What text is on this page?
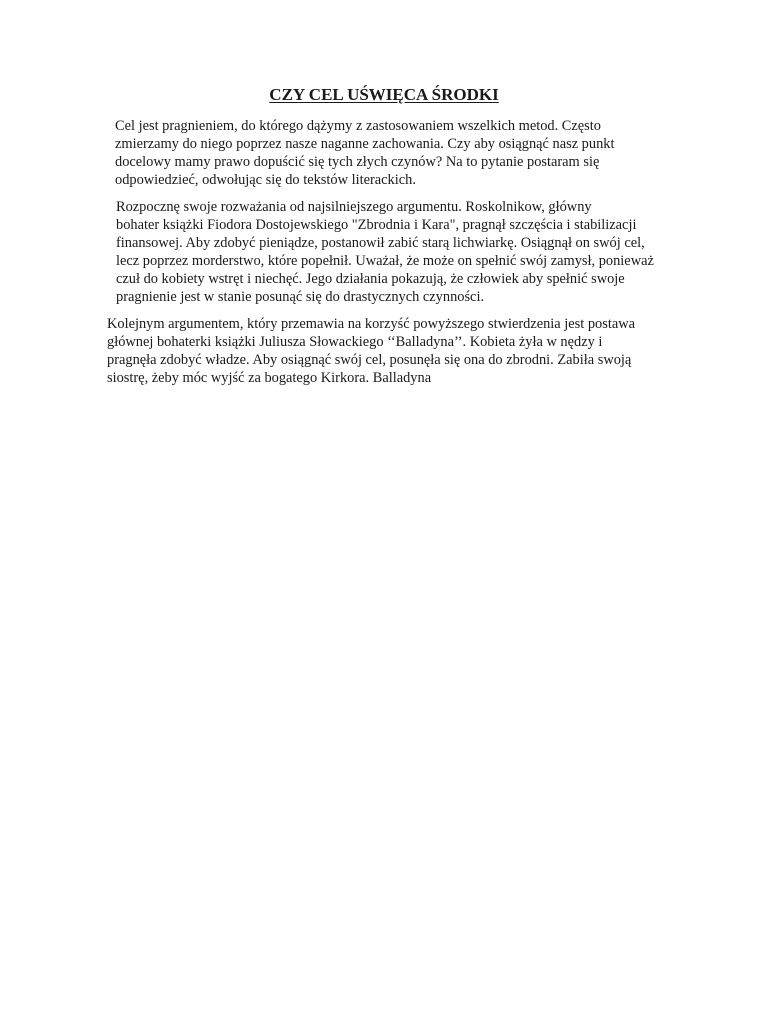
CZY CEL UŚWIĘCA ŚRODKI

Cel jest pragnieniem, do którego dążymy z zastosowaniem wszelkich metod. Często
zmierzamy do niego poprzez nasze naganne zachowania. Czy aby osiągnąć nasz punkt
docelowy mamy prawo dopuścić się tych złych czynów? Na to pytanie postaram się
odpowiedzieć, odwołując się do tekstów literackich.

Rozpocznę swoje rozważania od najsilniejszego argumentu. Roskolnikow, główny
bohater książki Fiodora Dostojewskiego "Zbrodnia i Kara", pragnął szczęścia i stabilizacji
finansowej. Aby zdobyć pieniądze, postanowił zabić starą lichwiarkę. Osiągnął on swój cel,
lecz poprzez morderstwo, które popełnił. Uważał, że może on spełnić swój zamysł, ponieważ
czuł do kobiety wstręt i niechęć. Jego działania pokazują, że człowiek aby spełnić swoje
pragnienie jest w stanie posunąć się do drastycznych czynności.

Kolejnym argumentem, który przemawia na korzyść powyższego stwierdzenia jest postawa
głównej bohaterki książki Juliusza Słowackiego ‘‘Balladyna’’. Kobieta żyła w nędzy i
pragnęła zdobyć władze. Aby osiągnąć swój cel, posunęła się ona do zbrodni. Zabiła swoją
siostrę, żeby móc wyjść za bogatego Kirkora. Balladyna
